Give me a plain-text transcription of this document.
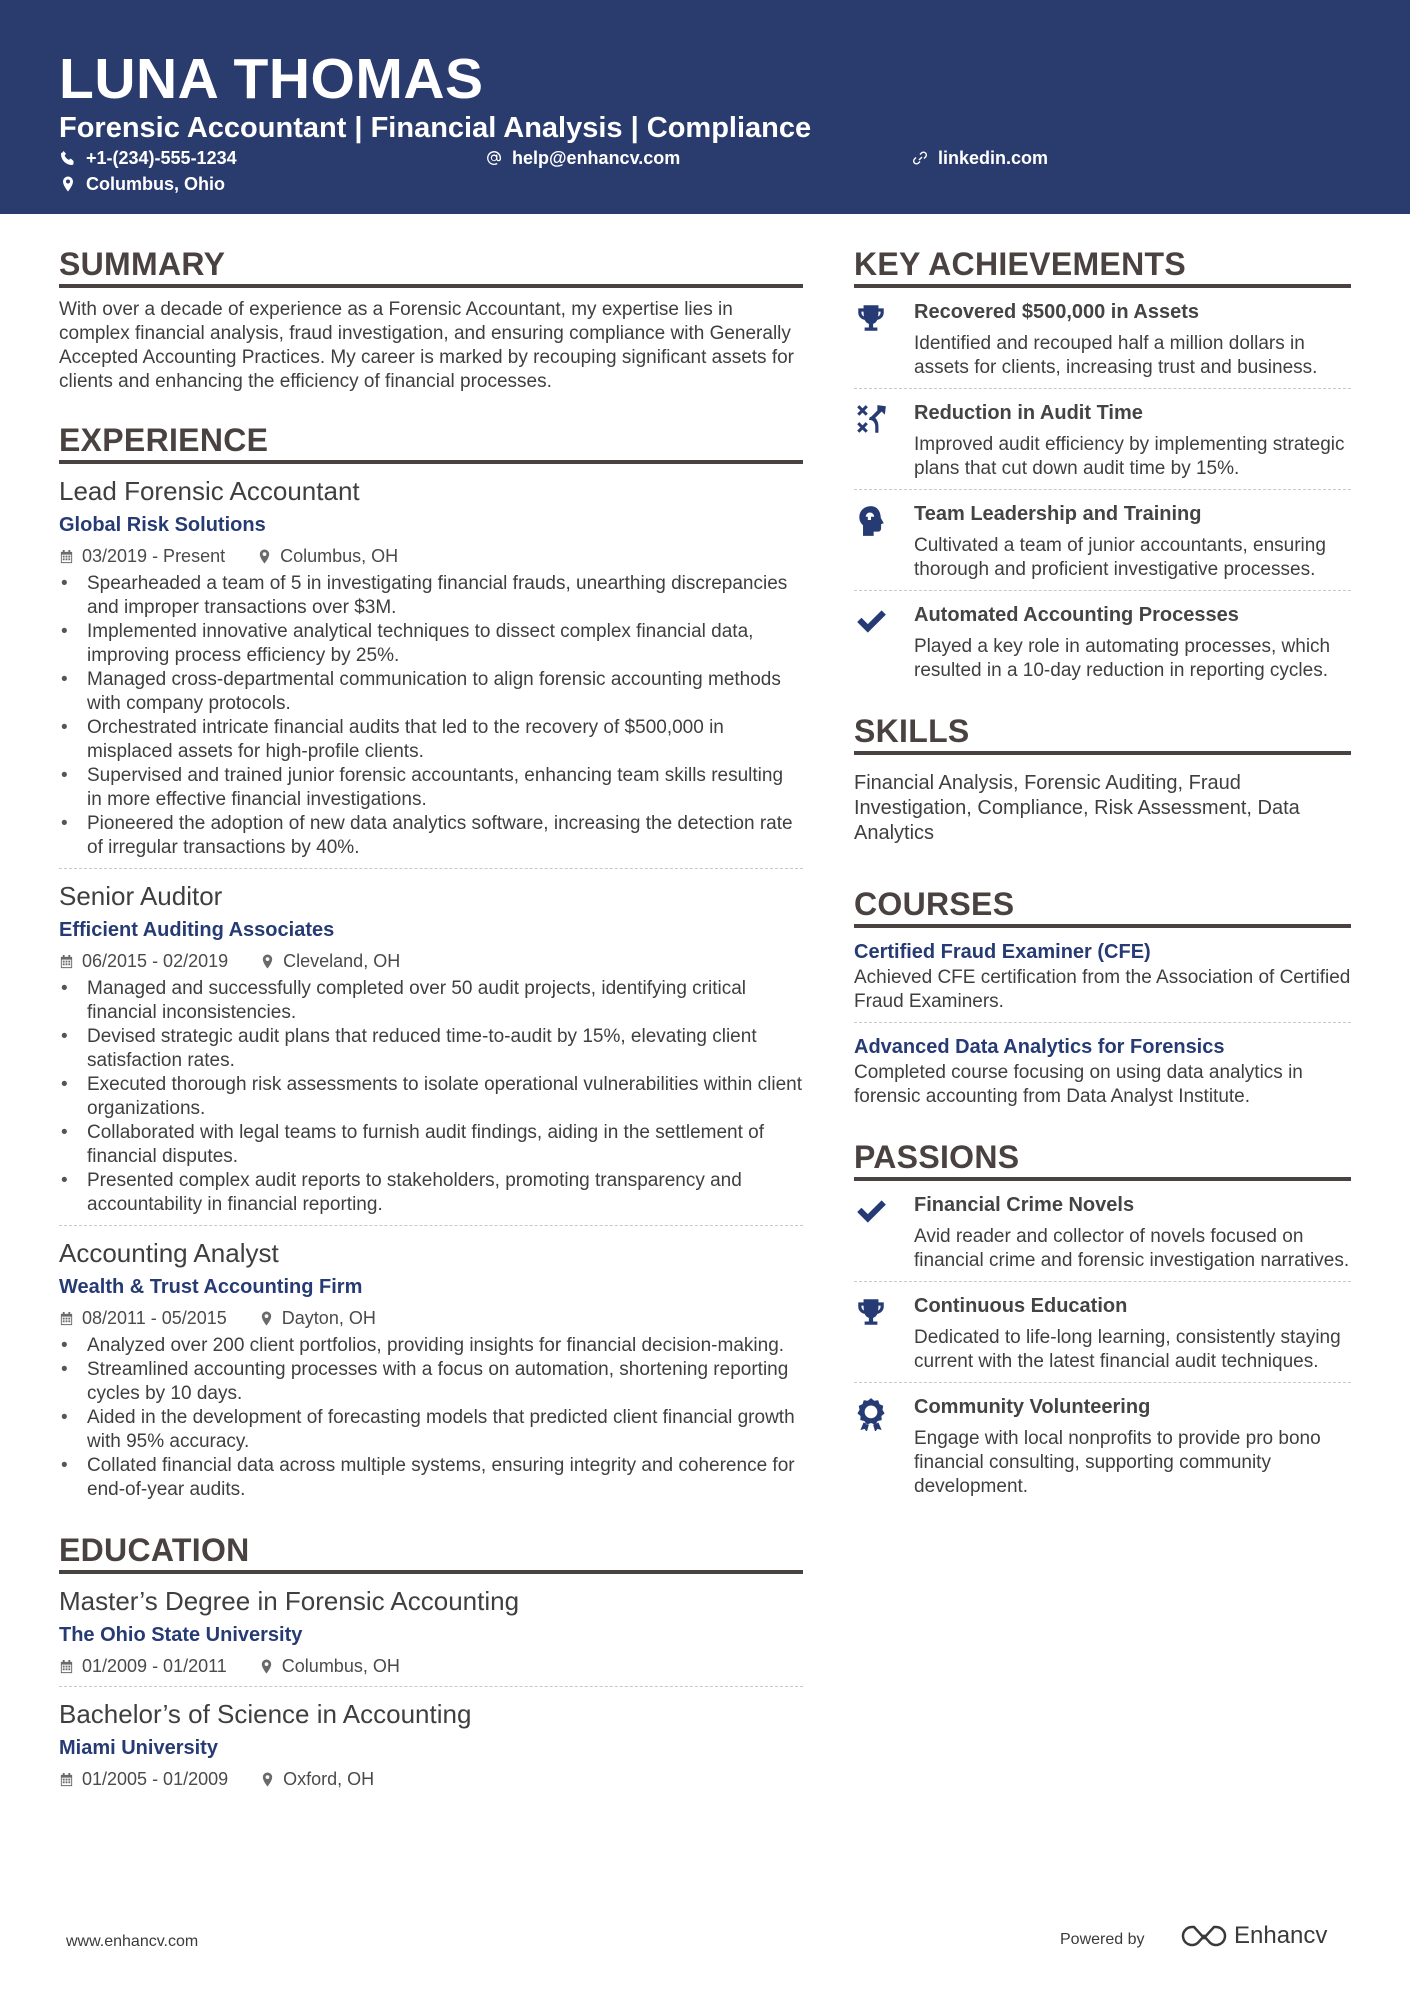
LUNA THOMAS
Forensic Accountant | Financial Analysis | Compliance
+1-(234)-555-1234	help@enhancv.com	linkedin.com
Columbus, Ohio
SUMMARY
With over a decade of experience as a Forensic Accountant, my expertise lies in complex financial analysis, fraud investigation, and ensuring compliance with Generally Accepted Accounting Practices. My career is marked by recouping significant assets for clients and enhancing the efficiency of financial processes.
EXPERIENCE
Lead Forensic Accountant
Global Risk Solutions
03/2019 - Present	Columbus, OH
• Spearheaded a team of 5 in investigating financial frauds, unearthing discrepancies and improper transactions over $3M.
• Implemented innovative analytical techniques to dissect complex financial data, improving process efficiency by 25%.
• Managed cross-departmental communication to align forensic accounting methods with company protocols.
• Orchestrated intricate financial audits that led to the recovery of $500,000 in misplaced assets for high-profile clients.
• Supervised and trained junior forensic accountants, enhancing team skills resulting in more effective financial investigations.
• Pioneered the adoption of new data analytics software, increasing the detection rate of irregular transactions by 40%.
Senior Auditor
Efficient Auditing Associates
06/2015 - 02/2019	Cleveland, OH
• Managed and successfully completed over 50 audit projects, identifying critical financial inconsistencies.
• Devised strategic audit plans that reduced time-to-audit by 15%, elevating client satisfaction rates.
• Executed thorough risk assessments to isolate operational vulnerabilities within client organizations.
• Collaborated with legal teams to furnish audit findings, aiding in the settlement of financial disputes.
• Presented complex audit reports to stakeholders, promoting transparency and accountability in financial reporting.
Accounting Analyst
Wealth & Trust Accounting Firm
08/2011 - 05/2015	Dayton, OH
• Analyzed over 200 client portfolios, providing insights for financial decision-making.
• Streamlined accounting processes with a focus on automation, shortening reporting cycles by 10 days.
• Aided in the development of forecasting models that predicted client financial growth with 95% accuracy.
• Collated financial data across multiple systems, ensuring integrity and coherence for end-of-year audits.
EDUCATION
Master’s Degree in Forensic Accounting
The Ohio State University
01/2009 - 01/2011	Columbus, OH
Bachelor’s of Science in Accounting
Miami University
01/2005 - 01/2009	Oxford, OH
KEY ACHIEVEMENTS
Recovered $500,000 in Assets
Identified and recouped half a million dollars in assets for clients, increasing trust and business.
Reduction in Audit Time
Improved audit efficiency by implementing strategic plans that cut down audit time by 15%.
Team Leadership and Training
Cultivated a team of junior accountants, ensuring thorough and proficient investigative processes.
Automated Accounting Processes
Played a key role in automating processes, which resulted in a 10-day reduction in reporting cycles.
SKILLS
Financial Analysis, Forensic Auditing, Fraud Investigation, Compliance, Risk Assessment, Data Analytics
COURSES
Certified Fraud Examiner (CFE)
Achieved CFE certification from the Association of Certified Fraud Examiners.
Advanced Data Analytics for Forensics
Completed course focusing on using data analytics in forensic accounting from Data Analyst Institute.
PASSIONS
Financial Crime Novels
Avid reader and collector of novels focused on financial crime and forensic investigation narratives.
Continuous Education
Dedicated to life-long learning, consistently staying current with the latest financial audit techniques.
Community Volunteering
Engage with local nonprofits to provide pro bono financial consulting, supporting community development.
www.enhancv.com	Powered by	Enhancv
